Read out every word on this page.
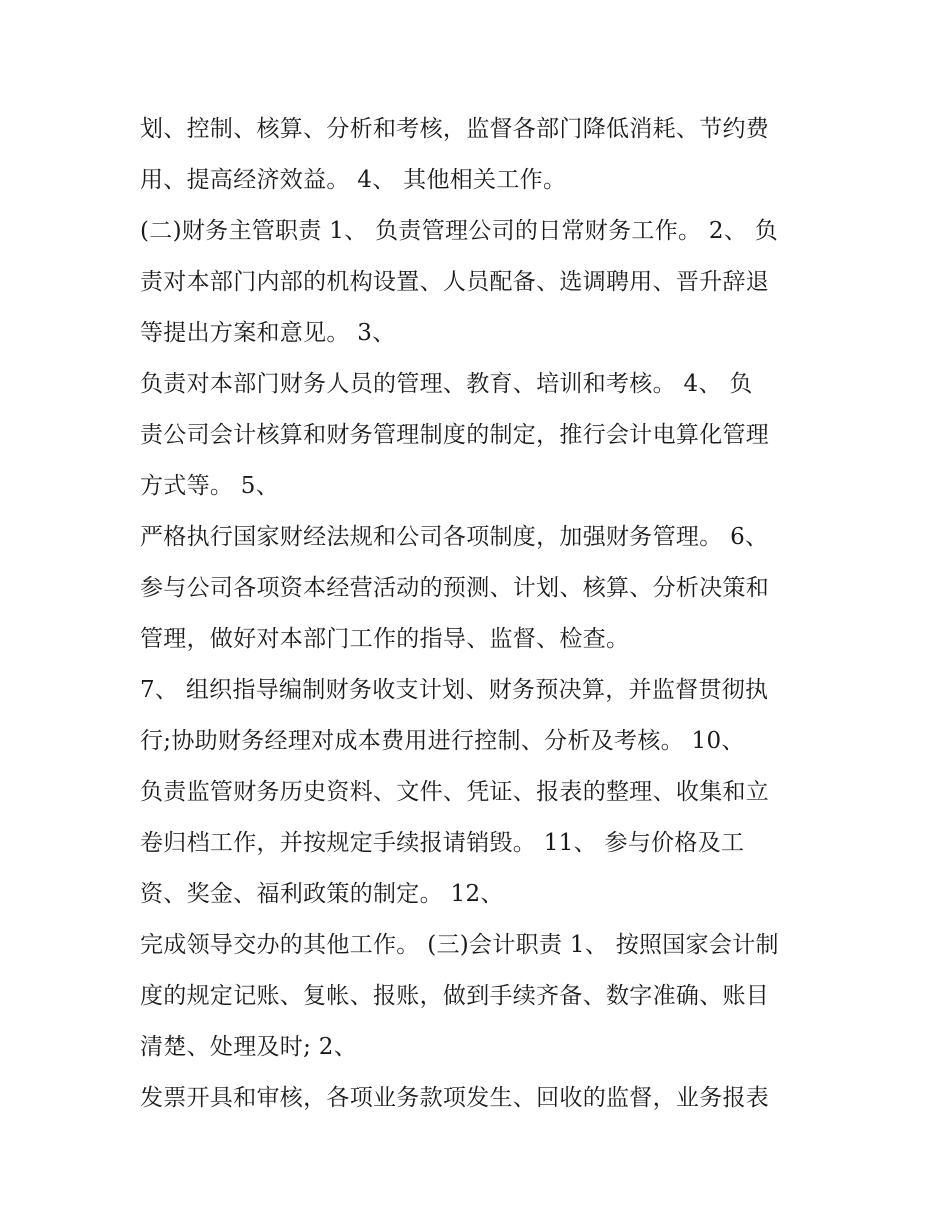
划、控制、核算、分析和考核，监督各部门降低消耗、节约费
用、提高经济效益。 4、 其他相关工作。
(二)财务主管职责 1、 负责管理公司的日常财务工作。 2、 负
责对本部门内部的机构设置、人员配备、选调聘用、晋升辞退
等提出方案和意见。 3、
负责对本部门财务人员的管理、教育、培训和考核。 4、 负
责公司会计核算和财务管理制度的制定，推行会计电算化管理
方式等。 5、
严格执行国家财经法规和公司各项制度，加强财务管理。 6、
参与公司各项资本经营活动的预测、计划、核算、分析决策和
管理，做好对本部门工作的指导、监督、检查。
7、 组织指导编制财务收支计划、财务预决算，并监督贯彻执
行;协助财务经理对成本费用进行控制、分析及考核。 10、
负责监管财务历史资料、文件、凭证、报表的整理、收集和立
卷归档工作，并按规定手续报请销毁。 11、 参与价格及工
资、奖金、福利政策的制定。 12、
完成领导交办的其他工作。 (三)会计职责 1、 按照国家会计制
度的规定记账、复帐、报账，做到手续齐备、数字准确、账目
清楚、处理及时; 2、
发票开具和审核，各项业务款项发生、回收的监督，业务报表
